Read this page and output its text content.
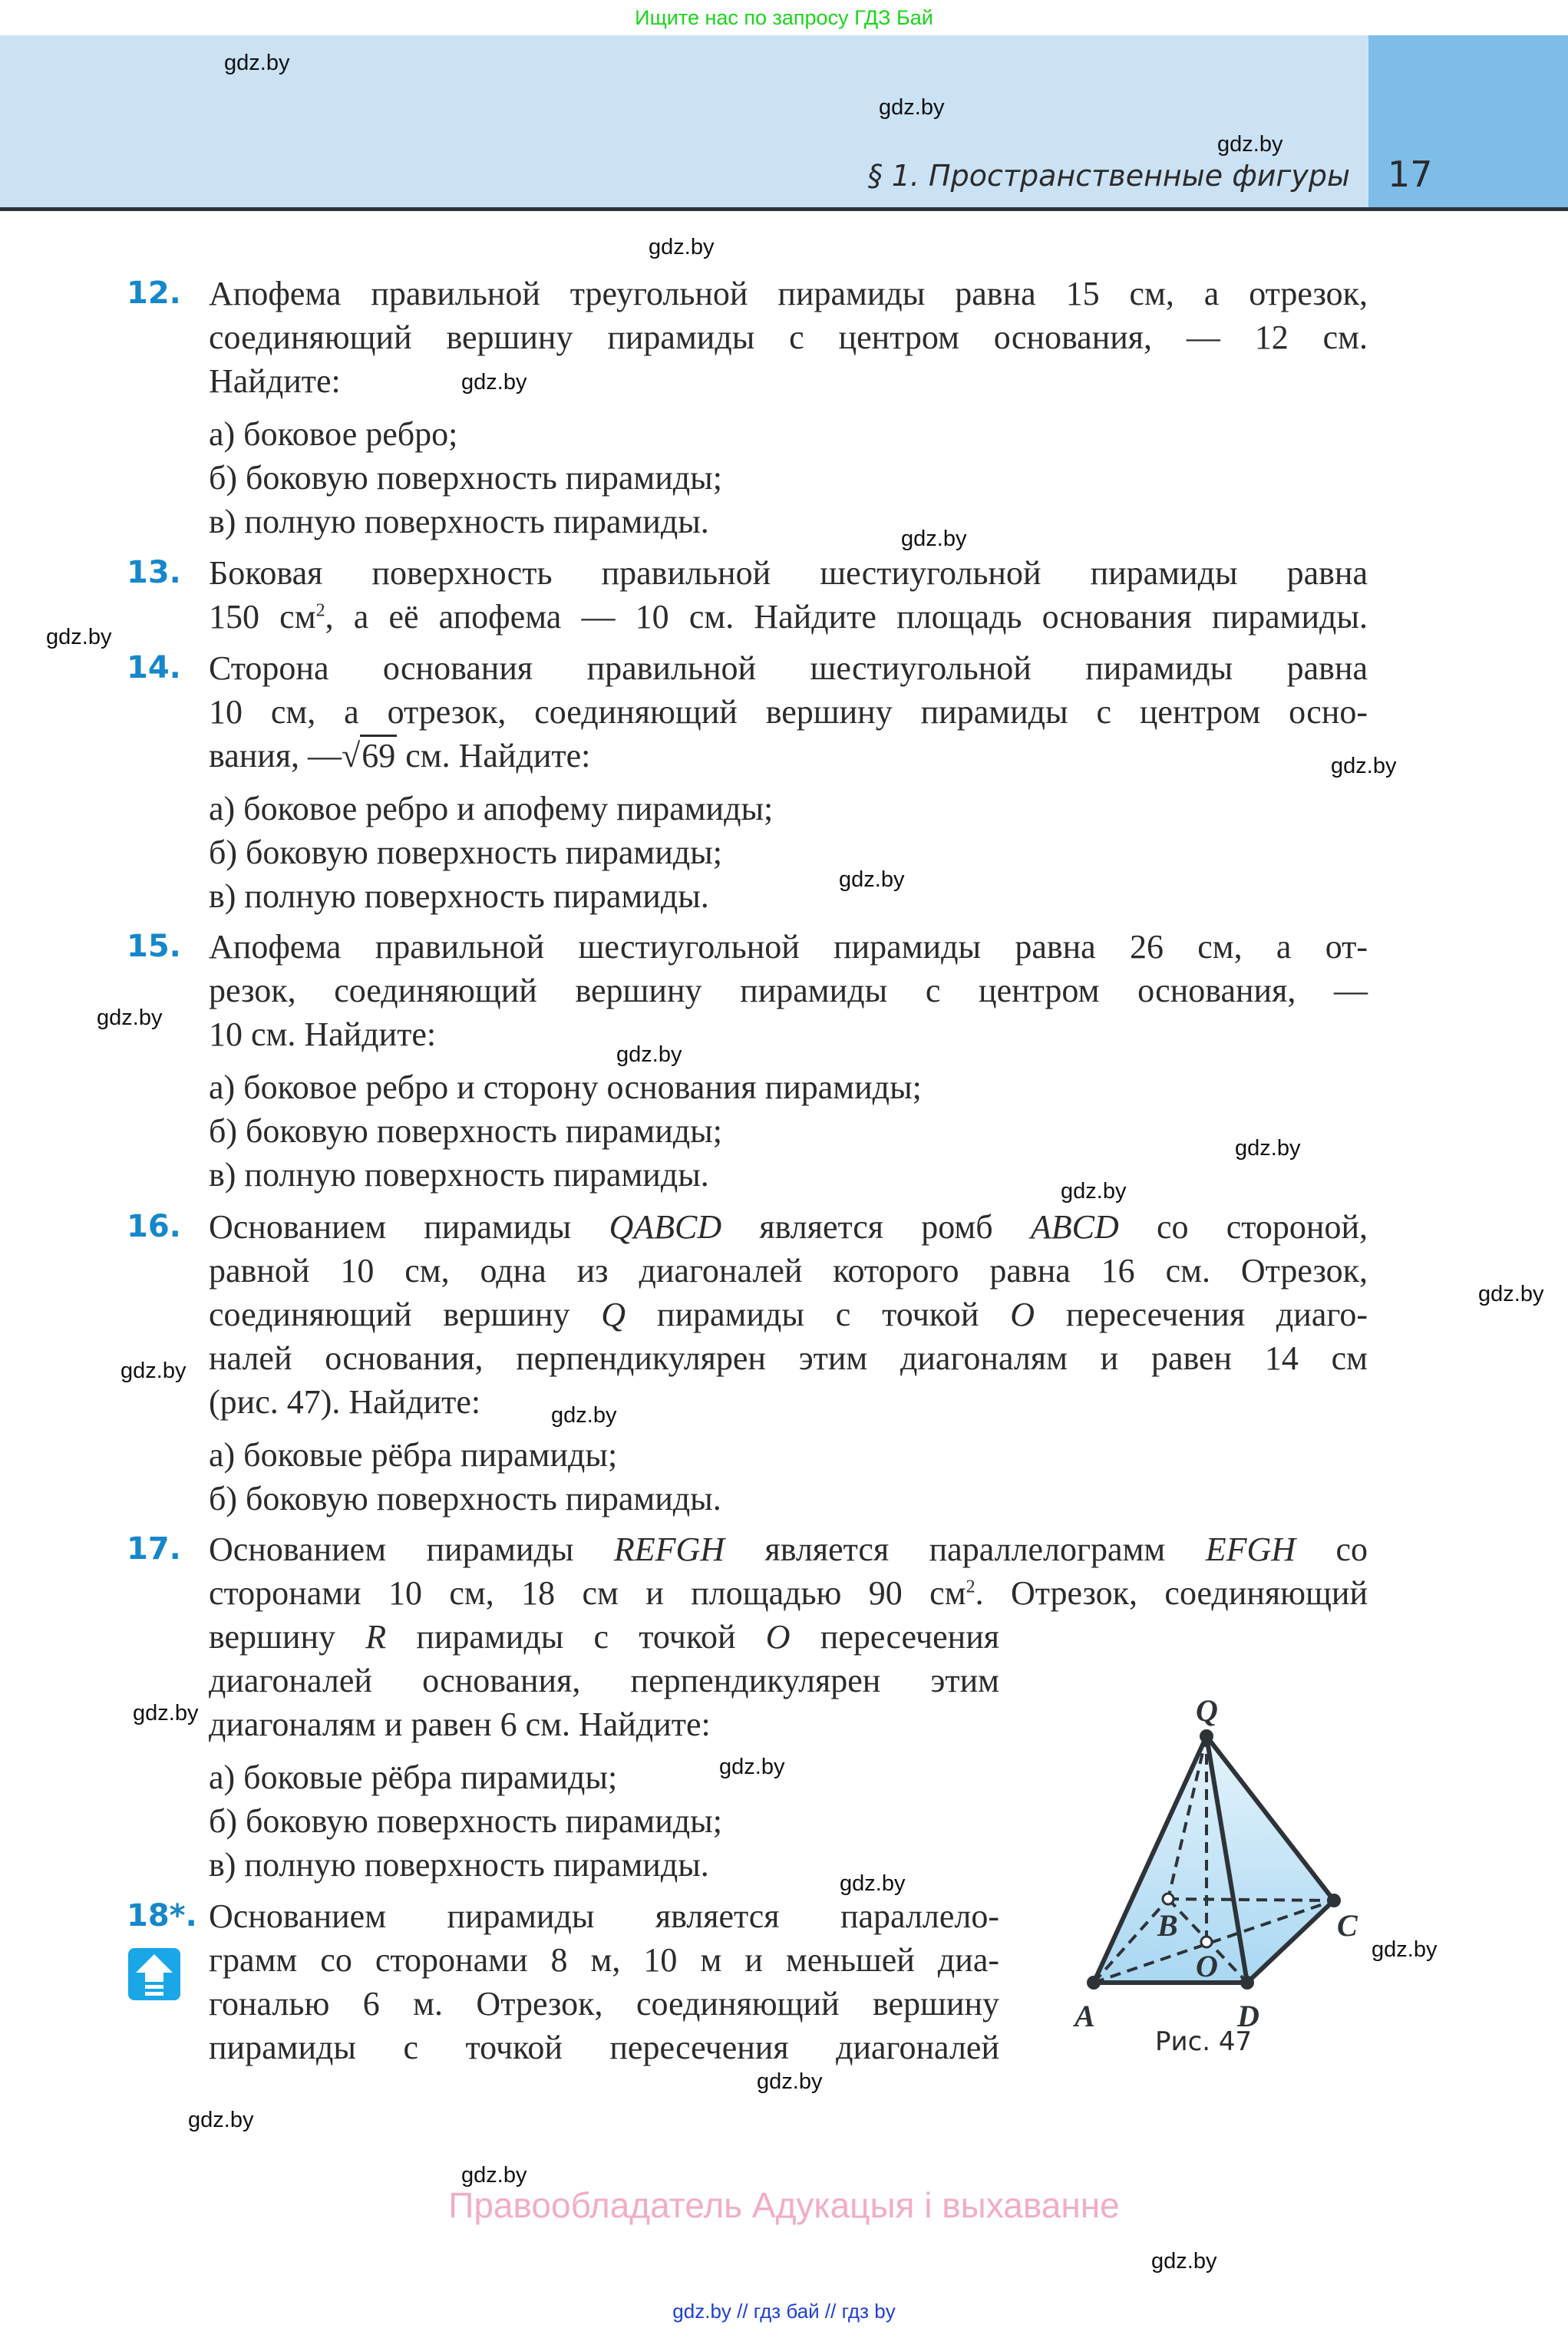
Ищите нас по запросу ГДЗ Бай
§ 1. Пространственные фигуры 17
gdz.by
gdz.by
gdz.by
gdz.by
gdz.by
gdz.by
gdz.by
gdz.by
gdz.by
gdz.by
gdz.by
gdz.by
gdz.by
gdz.by
gdz.by
gdz.by
gdz.by
gdz.by
gdz.by
gdz.by
gdz.by
gdz.by
gdz.by
gdz.by
12. Апофема правильной треугольной пирамиды равна 15 см, а отрезок,
соединяющий вершину пирамиды с центром основания, — 12 см.
Найдите:
а) боковое ребро;
б) боковую поверхность пирамиды;
в) полную поверхность пирамиды.
13. Боковая поверхность правильной шестиугольной пирамиды равна
150 $см^2$, а её апофема — 10 см. Найдите площадь основания пирамиды.
14. Сторона основания правильной шестиугольной пирамиды равна
10 см, а отрезок, соединяющий вершину пирамиды с центром осно-
вания, —√69 см. Найдите:
а) боковое ребро и апофему пирамиды;
б) боковую поверхность пирамиды;
в) полную поверхность пирамиды.
15. Апофема правильной шестиугольной пирамиды равна 26 см, а от-
резок, соединяющий вершину пирамиды с центром основания, —
10 см. Найдите:
а) боковое ребро и сторону основания пирамиды;
б) боковую поверхность пирамиды;
в) полную поверхность пирамиды.
16. Основанием пирамиды QABCD является ромб ABCD со стороной,
равной 10 см, одна из диагоналей которого равна 16 см. Отрезок,
соединяющий вершину Q пирамиды с точкой O пересечения диаго-
налей основания, перпендикулярен этим диагоналям и равен 14 см
(рис. 47). Найдите:
а) боковые рёбра пирамиды;
б) боковую поверхность пирамиды.
17. Основанием пирамиды REFGH является параллелограмм EFGH со
сторонами 10 см, 18 см и площадью 90 $см^2$. Отрезок, соединяющий
вершину R пирамиды с точкой O пересечения
диагоналей основания, перпендикулярен этим
диагоналям и равен 6 см. Найдите:
а) боковые рёбра пирамиды;
б) боковую поверхность пирамиды;
в) полную поверхность пирамиды.
18*. Основанием пирамиды является параллело-
грамм со сторонами 8 м, 10 м и меньшей диа-
гональю 6 м. Отрезок, соединяющий вершину
пирамиды с точкой пересечения диагоналей
Q
A
B	C
D
O
Рис. 47
Правообладатель Адукацыя і выхаванне
gdz.by // гдз бай // гдз by
